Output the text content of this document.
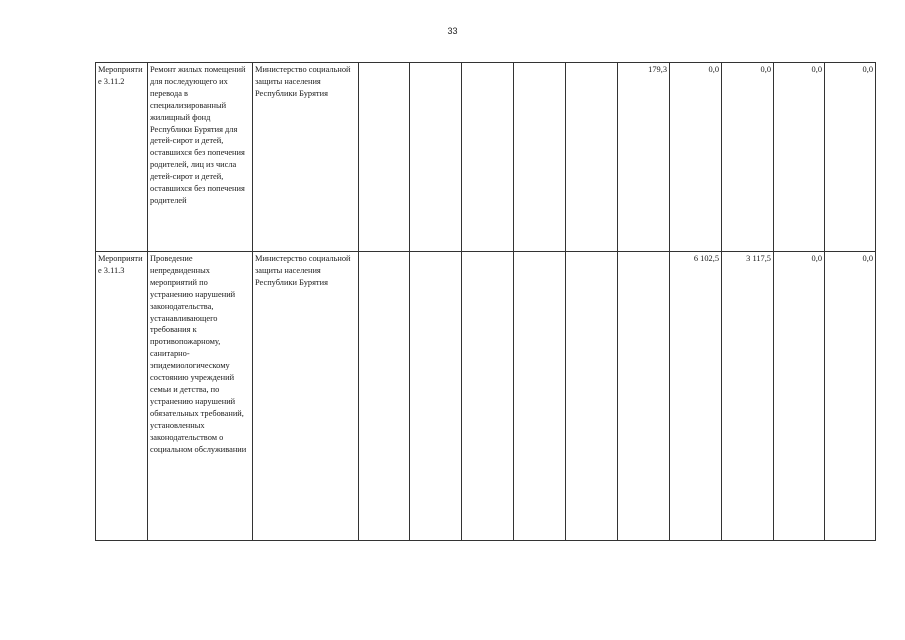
33
Мероприятие 3.11.2	Ремонт жилых помещений для последующего их перевода в специализированный жилищный фонд Республики Бурятия для детей-сирот и детей, оставшихся без попечения родителей, лиц из числа детей-сирот и детей, оставшихся без попечения родителей	Министерство социальной защиты населения Республики Бурятия						179,3	0,0	0,0	0,0	0,0
Мероприятие 3.11.3	Проведение непредвиденных мероприятий по устранению нарушений законодательства, устанавливающего требования к противопожарному, санитарно-эпидемиологическому состоянию учреждений семьи и детства, по устранению нарушений обязательных требований, установленных законодательством о социальном обслуживании	Министерство социальной защиты населения Республики Бурятия							6 102,5	3 117,5	0,0	0,0
